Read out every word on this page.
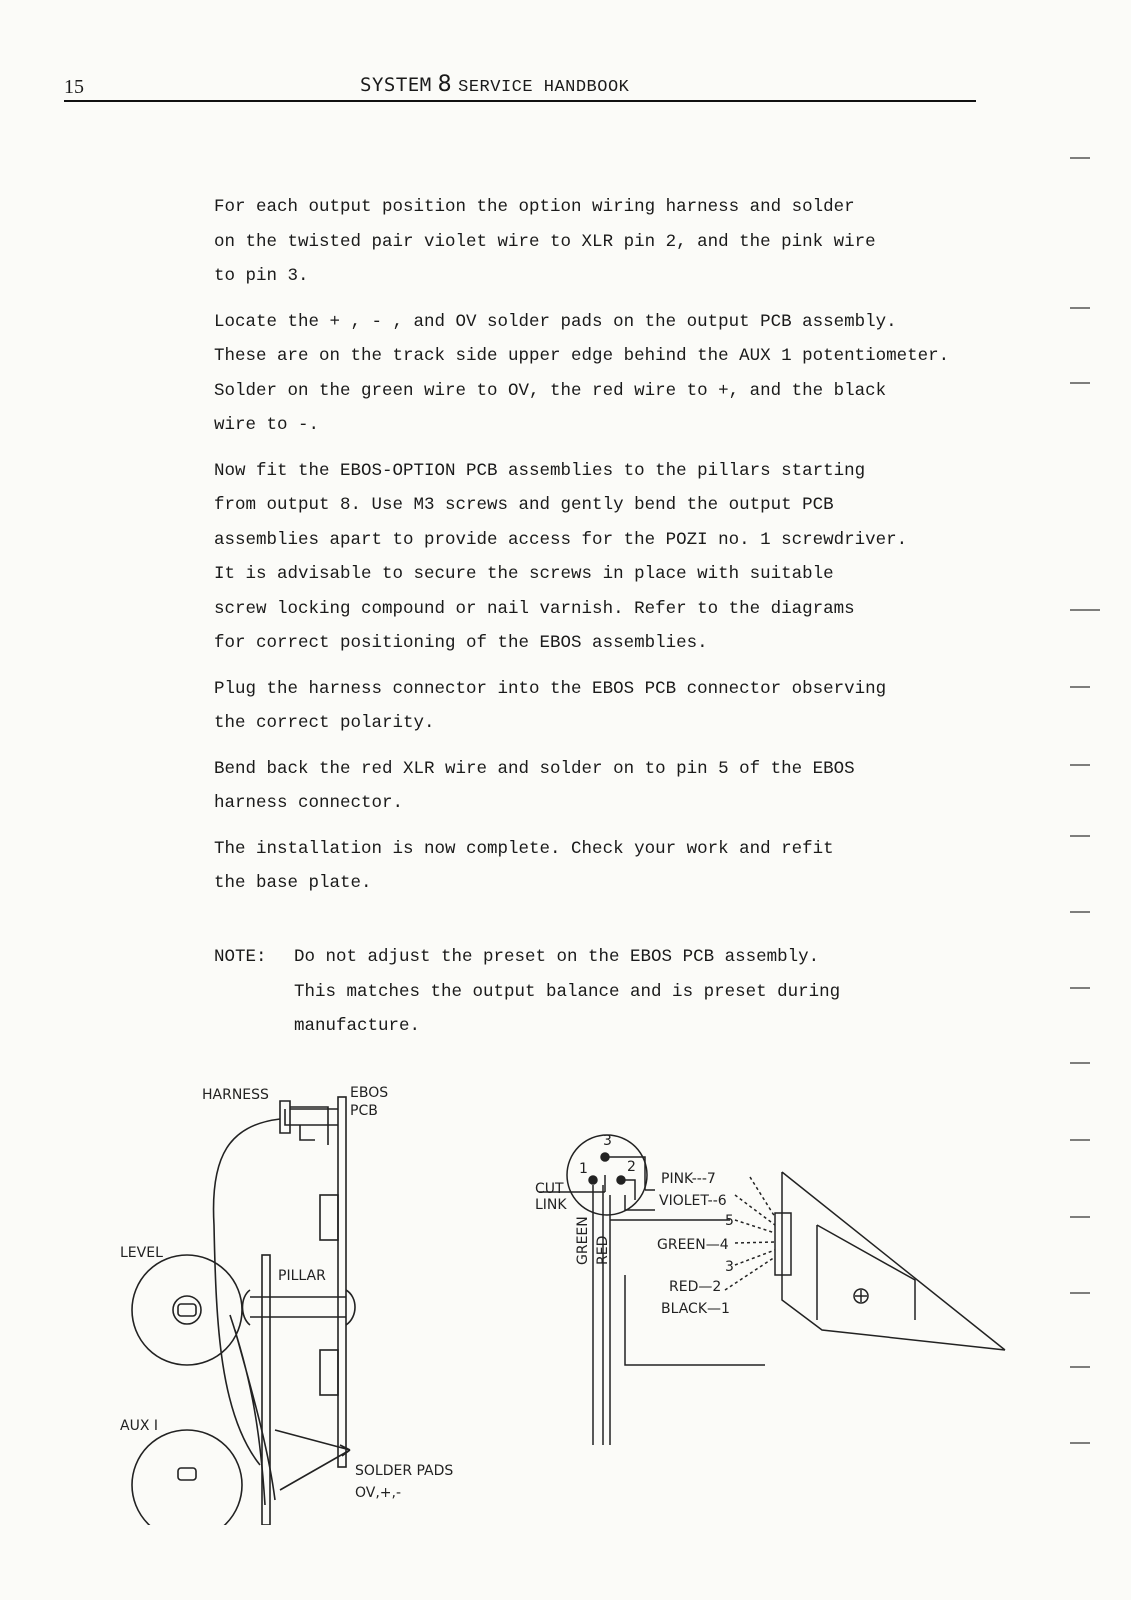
15	SYSTEM 8 SERVICE HANDBOOK

For each output position the option wiring harness and solder
on the twisted pair violet wire to XLR pin 2, and the pink wire
to pin 3.

Locate the + , - , and OV solder pads on the output PCB assembly.
These are on the track side upper edge behind the AUX 1 potentiometer.
Solder on the green wire to OV, the red wire to +, and the black
wire to -.

Now fit the EBOS-OPTION PCB assemblies to the pillars starting
from output 8. Use M3 screws and gently bend the output PCB
assemblies apart to provide access for the POZI no. 1 screwdriver.
It is advisable to secure the screws in place with suitable
screw locking compound or nail varnish. Refer to the diagrams
for correct positioning of the EBOS assemblies.

Plug the harness connector into the EBOS PCB connector observing
the correct polarity.

Bend back the red XLR wire and solder on to pin 5 of the EBOS
harness connector.

The installation is now complete. Check your work and refit
the base plate.

NOTE: Do not adjust the preset on the EBOS PCB assembly.
This matches the output balance and is preset during
manufacture.
HARNESS	EBOS
PCB
LEVEL
PILLAR
AUX I
SOLDER PADS
OV,+,-
3
1	2
CUT
LINK
GREEN RED
PINK---7
VIOLET--6
5
GREEN—4
3
RED—2
BLACK—1
